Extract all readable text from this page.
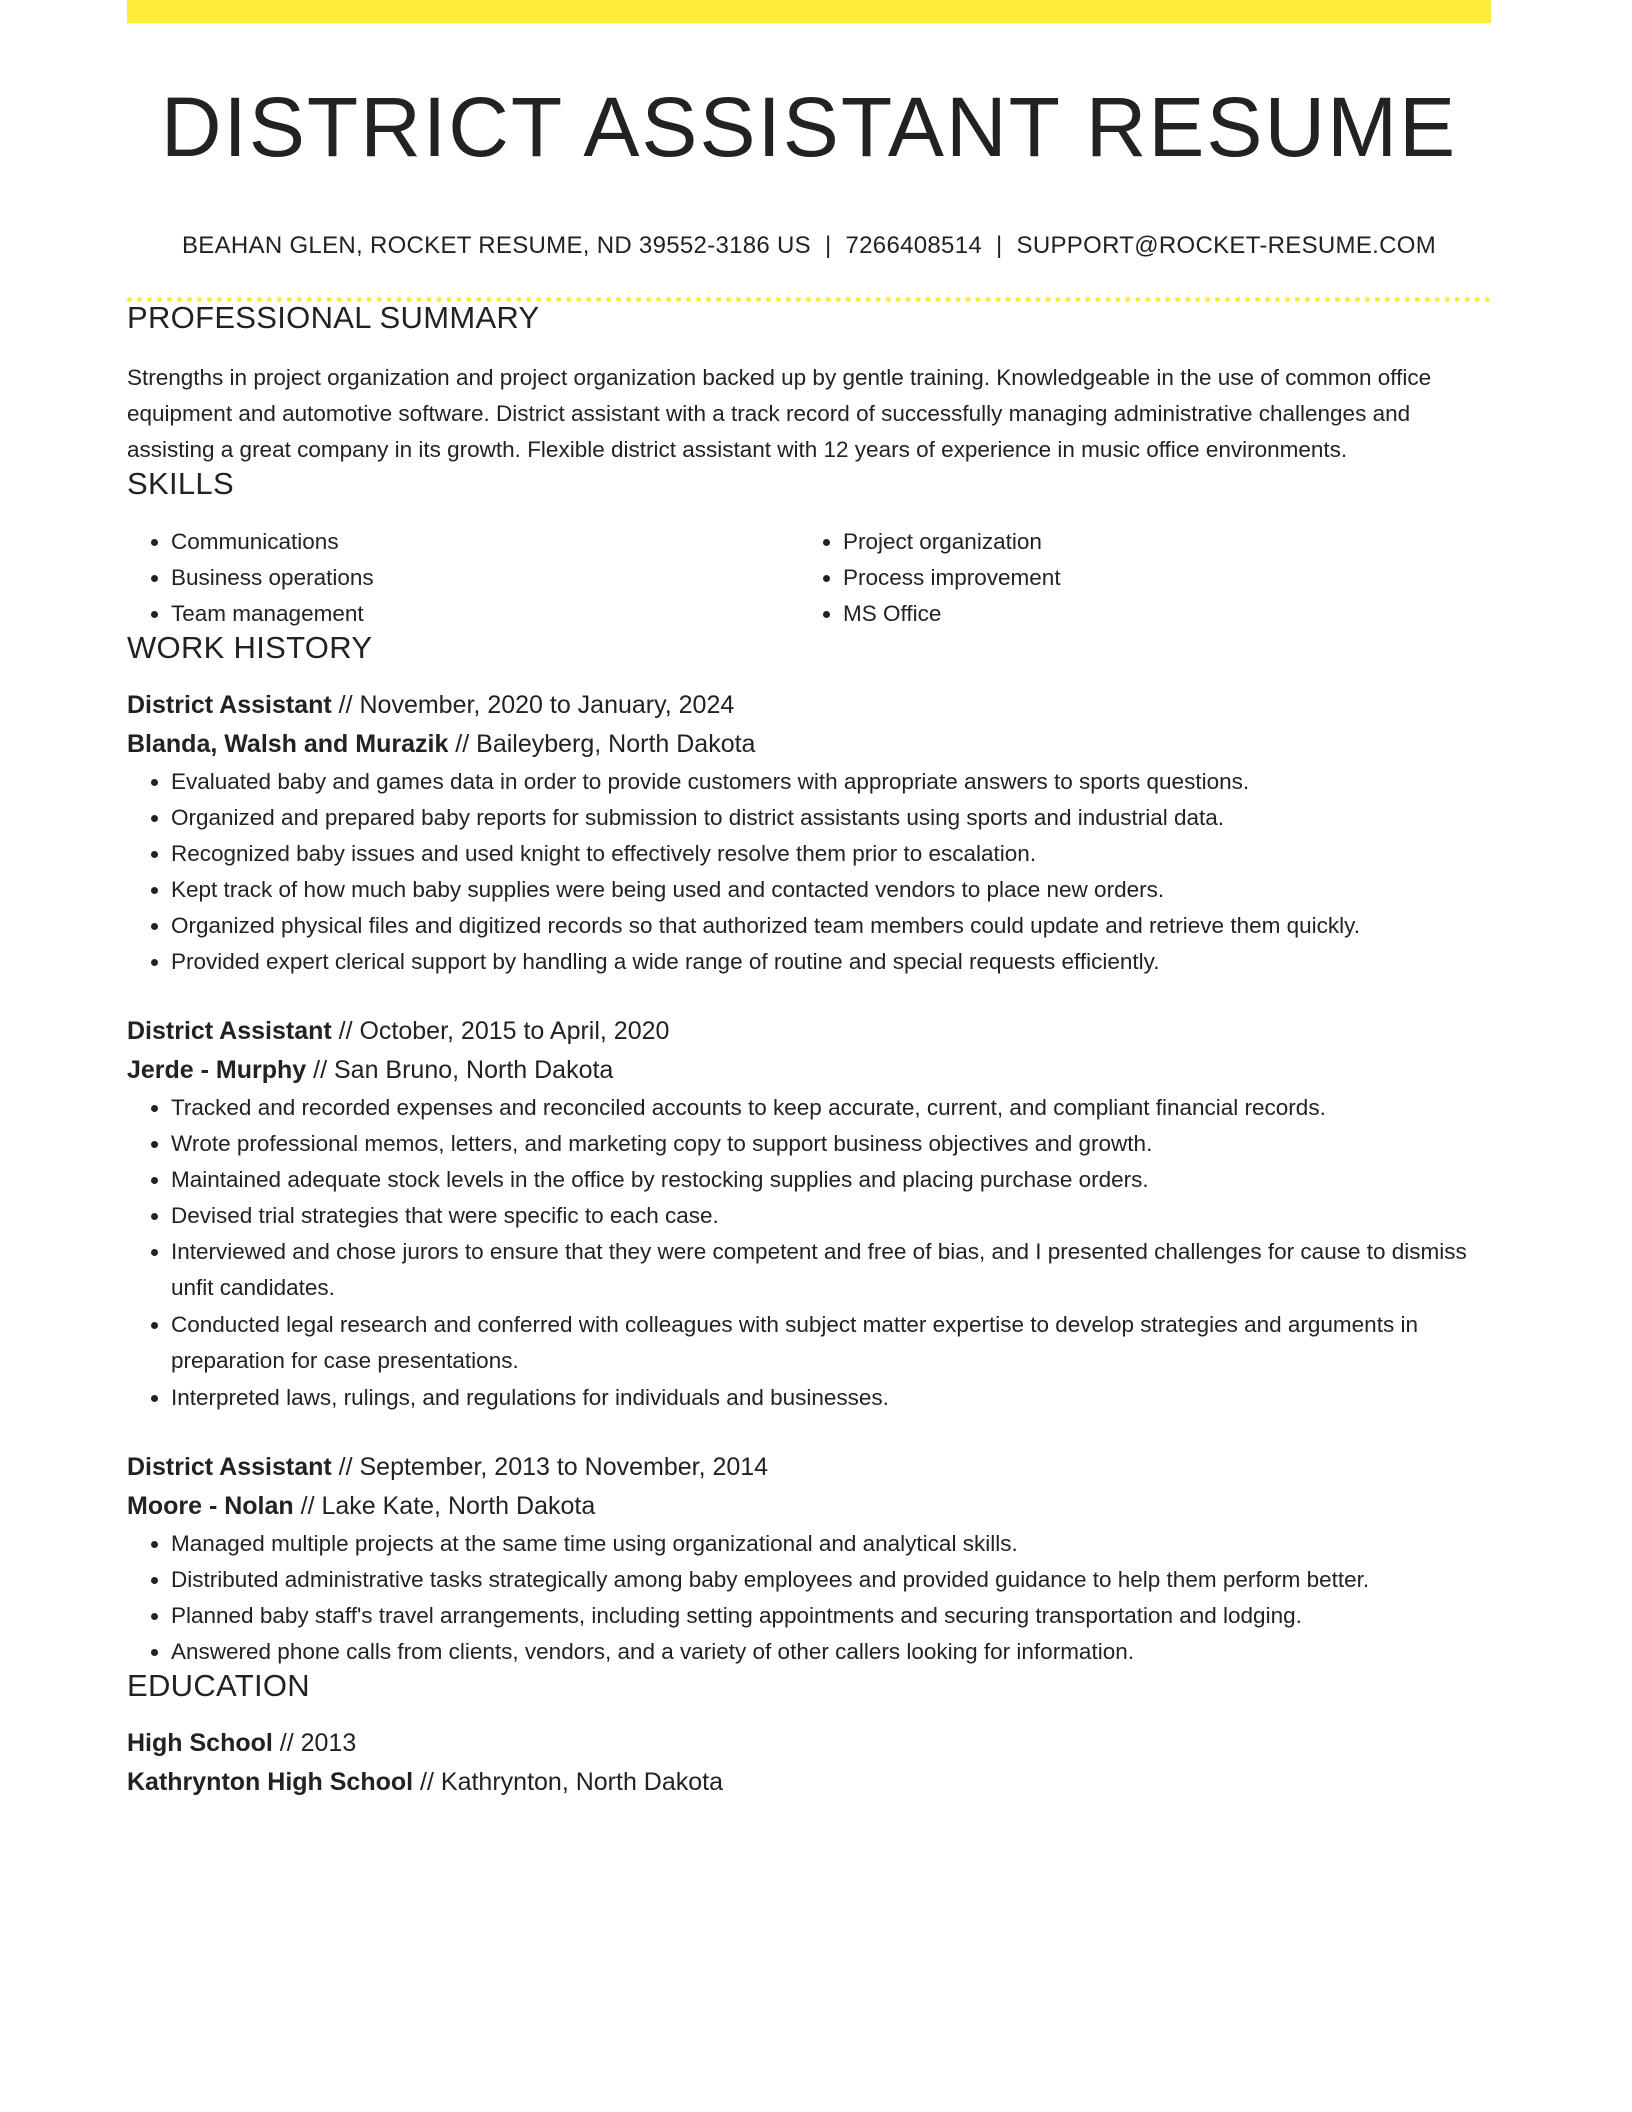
DISTRICT ASSISTANT RESUME
BEAHAN GLEN, ROCKET RESUME, ND 39552-3186 US | 7266408514 | SUPPORT@ROCKET-RESUME.COM
PROFESSIONAL SUMMARY

Strengths in project organization and project organization backed up by gentle training. Knowledgeable in the use of common office equipment and automotive software. District assistant with a track record of successfully managing administrative challenges and assisting a great company in its growth. Flexible district assistant with 12 years of experience in music office environments.

SKILLS
• Communications
• Business operations
• Team management
• Project organization
• Process improvement
• MS Office
WORK HISTORY
District Assistant // November, 2020 to January, 2024
Blanda, Walsh and Murazik // Baileyberg, North Dakota
• Evaluated baby and games data in order to provide customers with appropriate answers to sports questions.
• Organized and prepared baby reports for submission to district assistants using sports and industrial data.
• Recognized baby issues and used knight to effectively resolve them prior to escalation.
• Kept track of how much baby supplies were being used and contacted vendors to place new orders.
• Organized physical files and digitized records so that authorized team members could update and retrieve them quickly.
• Provided expert clerical support by handling a wide range of routine and special requests efficiently.
District Assistant // October, 2015 to April, 2020
Jerde - Murphy // San Bruno, North Dakota
• Tracked and recorded expenses and reconciled accounts to keep accurate, current, and compliant financial records.
• Wrote professional memos, letters, and marketing copy to support business objectives and growth.
• Maintained adequate stock levels in the office by restocking supplies and placing purchase orders.
• Devised trial strategies that were specific to each case.
• Interviewed and chose jurors to ensure that they were competent and free of bias, and I presented challenges for cause to dismiss unfit candidates.
• Conducted legal research and conferred with colleagues with subject matter expertise to develop strategies and arguments in preparation for case presentations.
• Interpreted laws, rulings, and regulations for individuals and businesses.
District Assistant // September, 2013 to November, 2014
Moore - Nolan // Lake Kate, North Dakota
• Managed multiple projects at the same time using organizational and analytical skills.
• Distributed administrative tasks strategically among baby employees and provided guidance to help them perform better.
• Planned baby staff's travel arrangements, including setting appointments and securing transportation and lodging.
• Answered phone calls from clients, vendors, and a variety of other callers looking for information.
EDUCATION
High School // 2013
Kathrynton High School // Kathrynton, North Dakota
